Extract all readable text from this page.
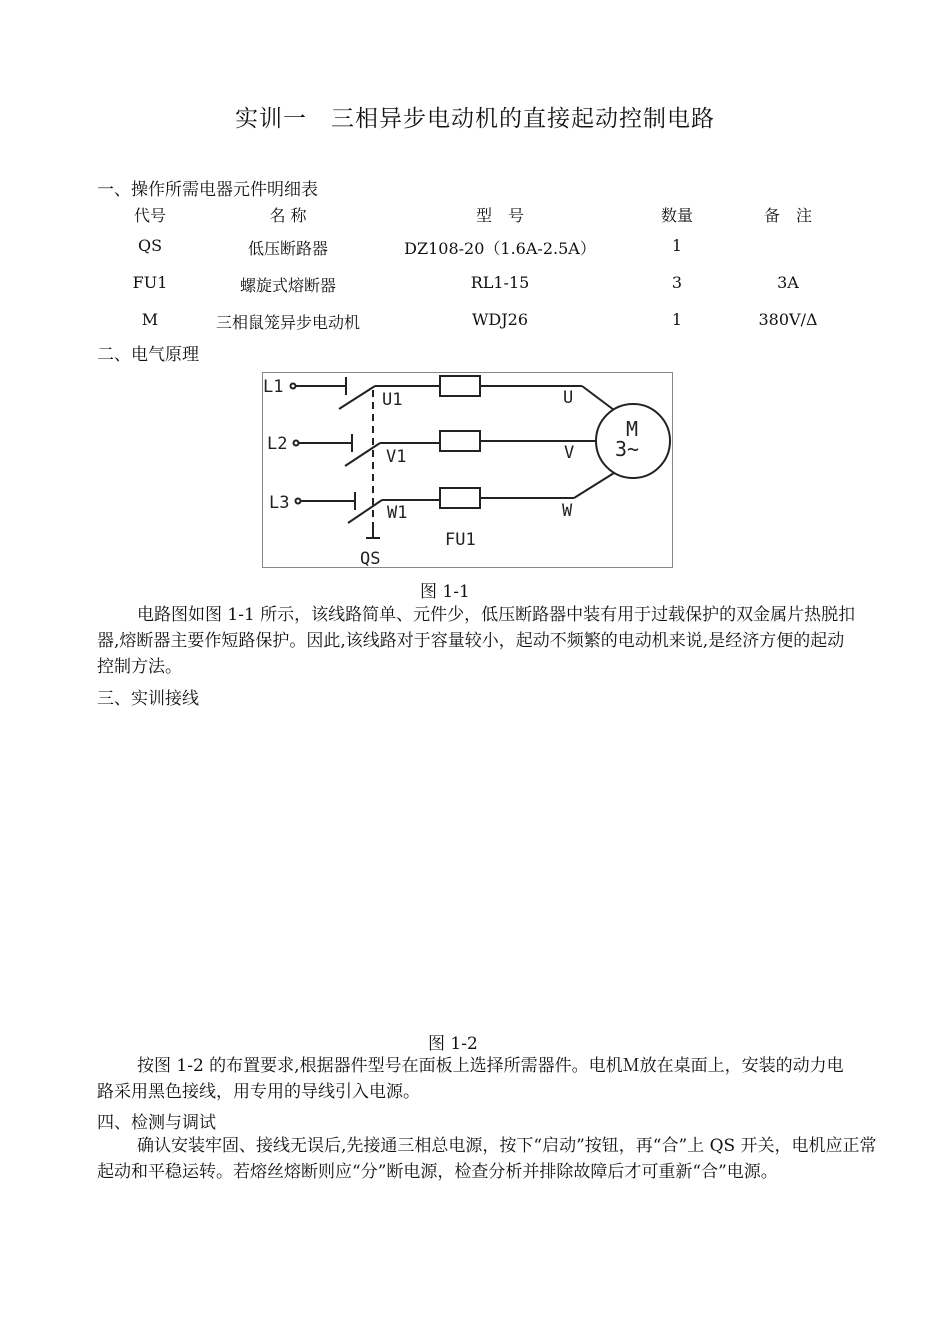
实训一　三相异步电动机的直接起动控制电路
一、操作所需电器元件明细表
代号	名 称	型　号	数量	备　注
QS	低压断路器	DZ108-20（1.6A-2.5A）	1
FU1	螺旋式熔断器	RL1-15	3	3A
M	三相鼠笼异步电动机	WDJ26	1	380V/Δ
二、电气原理
L1
L2
L3
U1
V1
W1
U
V
W
M
3~
QS
FU1
图 1-1
电路图如图 1-1 所示，该线路简单、元件少，低压断路器中装有用于过载保护的双金属片热脱扣器,熔断器主要作短路保护。因此,该线路对于容量较小，起动不频繁的电动机来说,是经济方便的起动控制方法。
三、实训接线
图 1-2
按图 1-2 的布置要求,根据器件型号在面板上选择所需器件。电机Ｍ放在桌面上，安装的动力电路采用黑色接线，用专用的导线引入电源。
四、检测与调试
确认安装牢固、接线无误后,先接通三相总电源，按下“启动”按钮，再“合”上 QS 开关，电机应正常起动和平稳运转。若熔丝熔断则应“分”断电源，检查分析并排除故障后才可重新“合”电源。
